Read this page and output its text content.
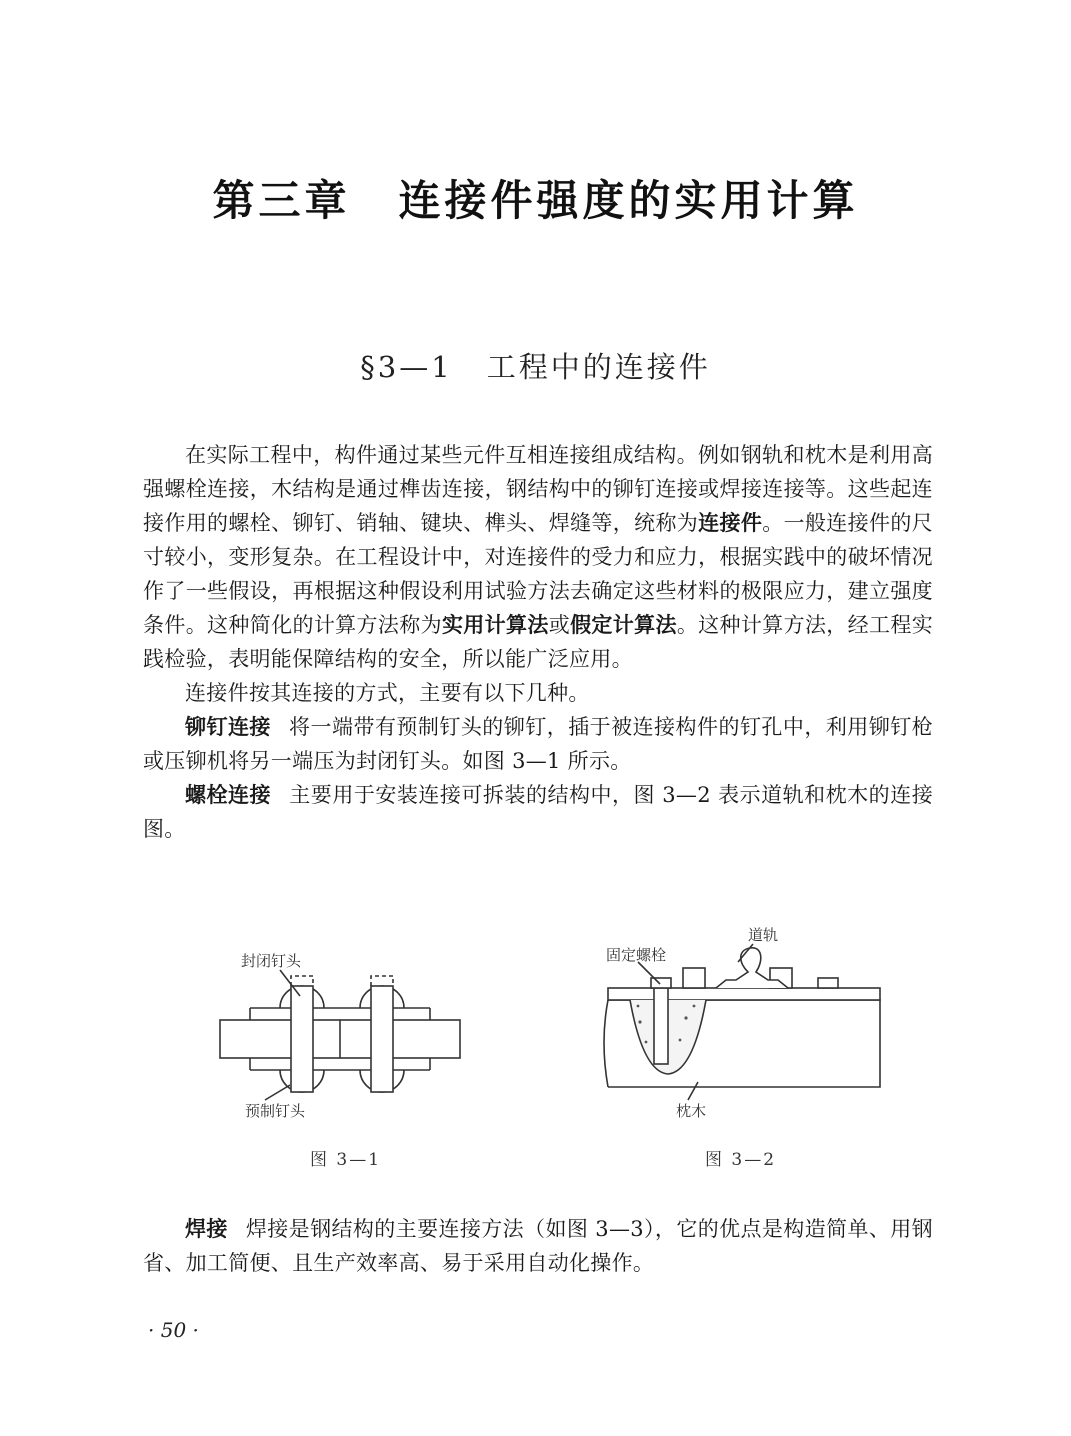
第三章 连接件强度的实用计算
§3—1 工程中的连接件

在实际工程中，构件通过某些元件互相连接组成结构。例如钢轨和枕木是利用高强螺栓连接，木结构是通过榫齿连接，钢结构中的铆钉连接或焊接连接等。这些起连接作用的螺栓、铆钉、销轴、键块、榫头、焊缝等，统称为连接件。一般连接件的尺寸较小，变形复杂。在工程设计中，对连接件的受力和应力，根据实践中的破坏情况作了一些假设，再根据这种假设利用试验方法去确定这些材料的极限应力，建立强度条件。这种简化的计算方法称为实用计算法或假定计算法。这种计算方法，经工程实践检验，表明能保障结构的安全，所以能广泛应用。

连接件按其连接的方式，主要有以下几种。

铆钉连接 将一端带有预制钉头的铆钉，插于被连接构件的钉孔中，利用铆钉枪或压铆机将另一端压为封闭钉头。如图 3—1 所示。

螺栓连接 主要用于安装连接可拆装的结构中，图 3—2 表示道轨和枕木的连接图。

封闭钉头
预制钉头
图 3—1
固定螺栓
道轨
枕木
图 3—2

焊接 焊接是钢结构的主要连接方法（如图 3—3），它的优点是构造简单、用钢省、加工简便、且生产效率高、易于采用自动化操作。

· 50 ·
